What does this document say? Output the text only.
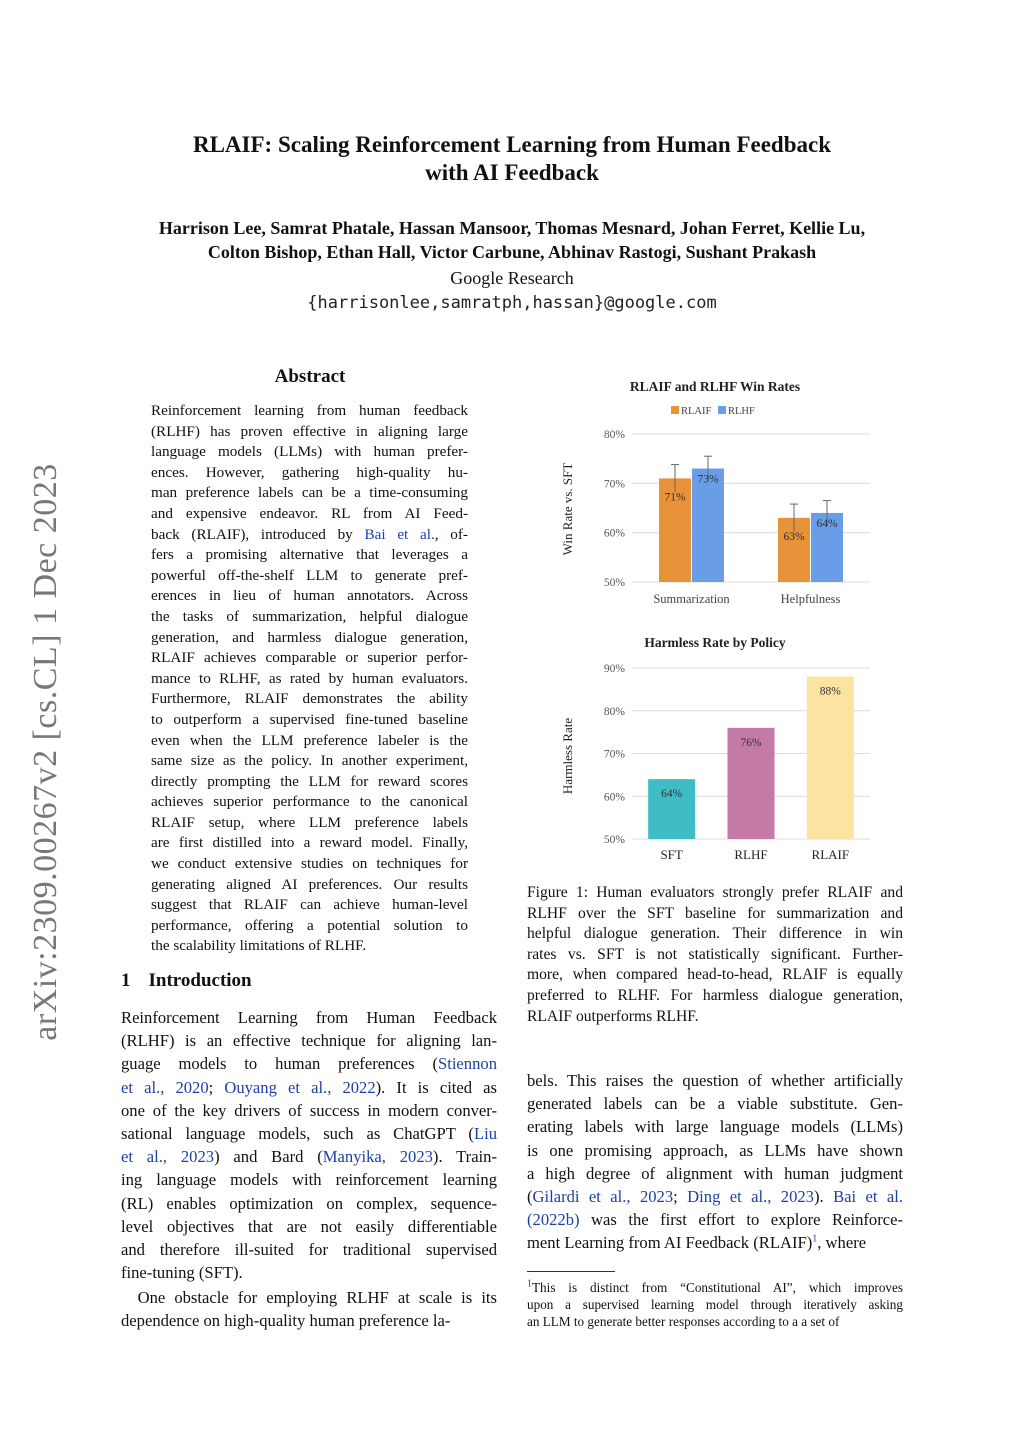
RLAIF: Scaling Reinforcement Learning from Human Feedback
with AI Feedback
Harrison Lee, Samrat Phatale, Hassan Mansoor, Thomas Mesnard, Johan Ferret, Kellie Lu,
Colton Bishop, Ethan Hall, Victor Carbune, Abhinav Rastogi, Sushant Prakash
Google Research
{harrisonlee,samratph,hassan}@google.com
arXiv:2309.00267v2 [cs.CL] 1 Dec 2023
Abstract
Reinforcement learning from human feedback
(RLHF) has proven effective in aligning large
language models (LLMs) with human prefer-
ences. However, gathering high-quality hu-
man preference labels can be a time-consuming
and expensive endeavor. RL from AI Feed-
back (RLAIF), introduced by Bai et al., of-
fers a promising alternative that leverages a
powerful off-the-shelf LLM to generate pref-
erences in lieu of human annotators. Across
the tasks of summarization, helpful dialogue
generation, and harmless dialogue generation,
RLAIF achieves comparable or superior perfor-
mance to RLHF, as rated by human evaluators.
Furthermore, RLAIF demonstrates the ability
to outperform a supervised fine-tuned baseline
even when the LLM preference labeler is the
same size as the policy. In another experiment,
directly prompting the LLM for reward scores
achieves superior performance to the canonical
RLAIF setup, where LLM preference labels
are first distilled into a reward model. Finally,
we conduct extensive studies on techniques for
generating aligned AI preferences. Our results
suggest that RLAIF can achieve human-level
performance, offering a potential solution to
the scalability limitations of RLHF.
1 Introduction
Reinforcement Learning from Human Feedback
(RLHF) is an effective technique for aligning lan-
guage models to human preferences (Stiennon
et al., 2020; Ouyang et al., 2022). It is cited as
one of the key drivers of success in modern conver-
sational language models, such as ChatGPT (Liu
et al., 2023) and Bard (Manyika, 2023). Train-
ing language models with reinforcement learning
(RL) enables optimization on complex, sequence-
level objectives that are not easily differentiable
and therefore ill-suited for traditional supervised
fine-tuning (SFT).
 One obstacle for employing RLHF at scale is its
dependence on high-quality human preference la-
RLAIF and RLHF Win Rates
RLAIF RLHF
Win Rate vs. SFT
50%
60%
70%
80%
71%
73%
Summarization
63%
64%
Helpfulness
Harmless Rate by Policy
Harmless Rate
50%
60%
70%
80%
90%
64%
SFT
76%
RLHF
88%
RLAIF
Figure 1: Human evaluators strongly prefer RLAIF and
RLHF over the SFT baseline for summarization and
helpful dialogue generation. Their difference in win
rates vs. SFT is not statistically significant. Further-
more, when compared head-to-head, RLAIF is equally
preferred to RLHF. For harmless dialogue generation,
RLAIF outperforms RLHF.
bels. This raises the question of whether artificially
generated labels can be a viable substitute. Gen-
erating labels with large language models (LLMs)
is one promising approach, as LLMs have shown
a high degree of alignment with human judgment
(Gilardi et al., 2023; Ding et al., 2023). Bai et al.
(2022b) was the first effort to explore Reinforce-
ment Learning from AI Feedback (RLAIF)$^1$, where
$^1$This is distinct from “Constitutional AI”, which improves
upon a supervised learning model through iteratively asking
an LLM to generate better responses according to a a set of
